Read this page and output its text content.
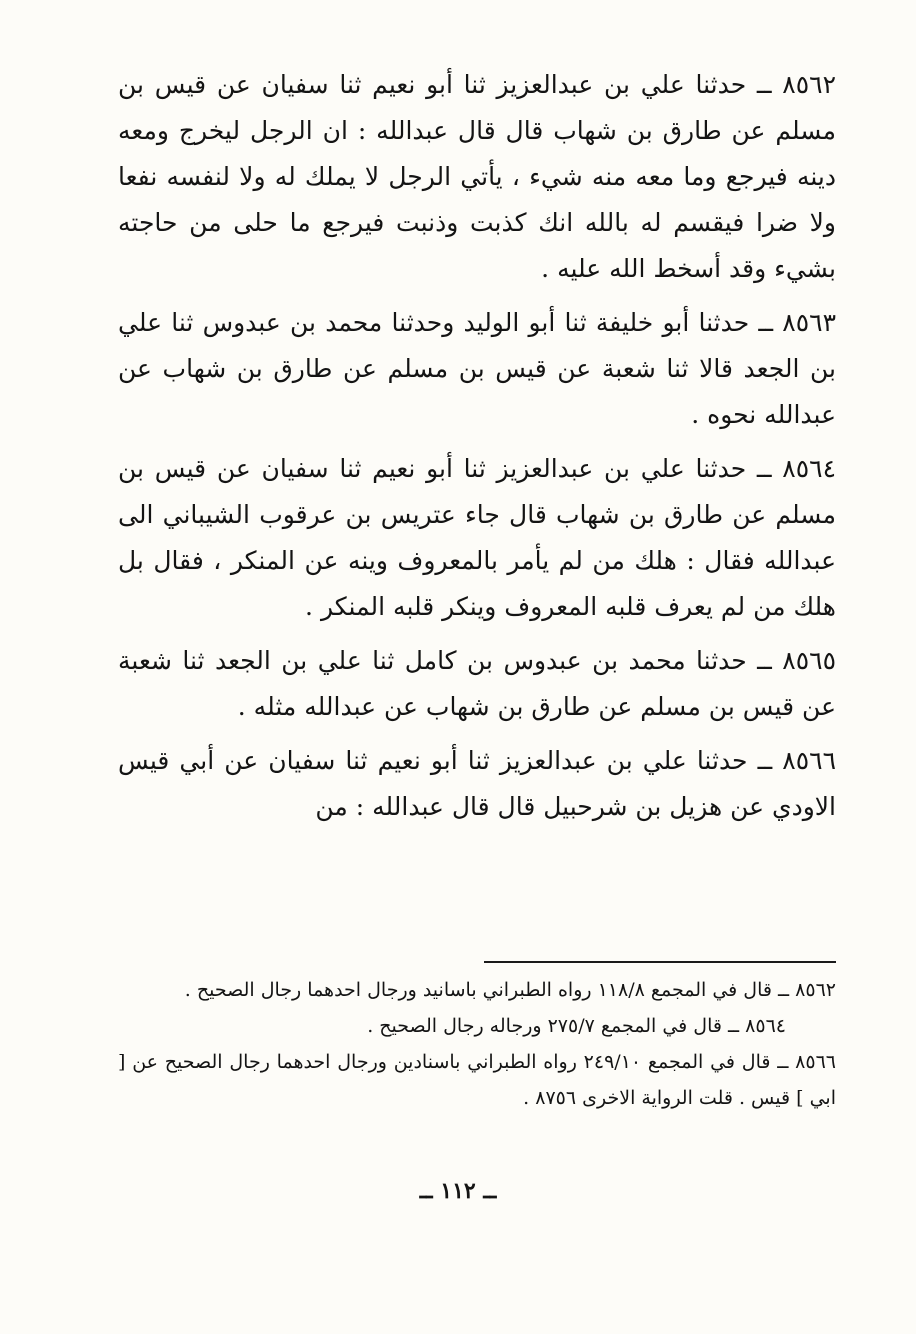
٨٥٦٢ ــ حدثنا علي بن عبدالعزيز ثنا أبو نعيم ثنا سفيان عن قيس بن مسلم عن طارق بن شهاب قال قال عبدالله : ان الرجل ليخرج ومعه دينه فيرجع وما معه منه شيء ، يأتي الرجل لا يملك له ولا لنفسه نفعا ولا ضرا فيقسم له بالله انك كذبت وذنبت فيرجع ما حلى من حاجته بشيء وقد أسخط الله عليه .

٨٥٦٣ ــ حدثنا أبو خليفة ثنا أبو الوليد وحدثنا محمد بن عبدوس ثنا علي بن الجعد قالا ثنا شعبة عن قيس بن مسلم عن طارق بن شهاب عن عبدالله نحوه .

٨٥٦٤ ــ حدثنا علي بن عبدالعزيز ثنا أبو نعيم ثنا سفيان عن قيس بن مسلم عن طارق بن شهاب قال جاء عتريس بن عرقوب الشيباني الى عبدالله فقال : هلك من لم يأمر بالمعروف وينه عن المنكر ، فقال بل هلك من لم يعرف قلبه المعروف وينكر قلبه المنكر .

٨٥٦٥ ــ حدثنا محمد بن عبدوس بن كامل ثنا علي بن الجعد ثنا شعبة عن قيس بن مسلم عن طارق بن شهاب عن عبدالله مثله .

٨٥٦٦ ــ حدثنا علي بن عبدالعزيز ثنا أبو نعيم ثنا سفيان عن أبي قيس الاودي عن هزيل بن شرحبيل قال قال عبدالله : من

٨٥٦٢ ــ قال في المجمع ١١٨/٨ رواه الطبراني باسانيد ورجال احدهما رجال الصحيح .

٨٥٦٤ ــ قال في المجمع ٢٧٥/٧ ورجاله رجال الصحيح .

٨٥٦٦ ــ قال في المجمع ٢٤٩/١٠ رواه الطبراني باسنادين ورجال احدهما رجال الصحيح عن [ ابي ] قيس . قلت الرواية الاخرى ٨٧٥٦ .

ــ ١١٢ ــ
